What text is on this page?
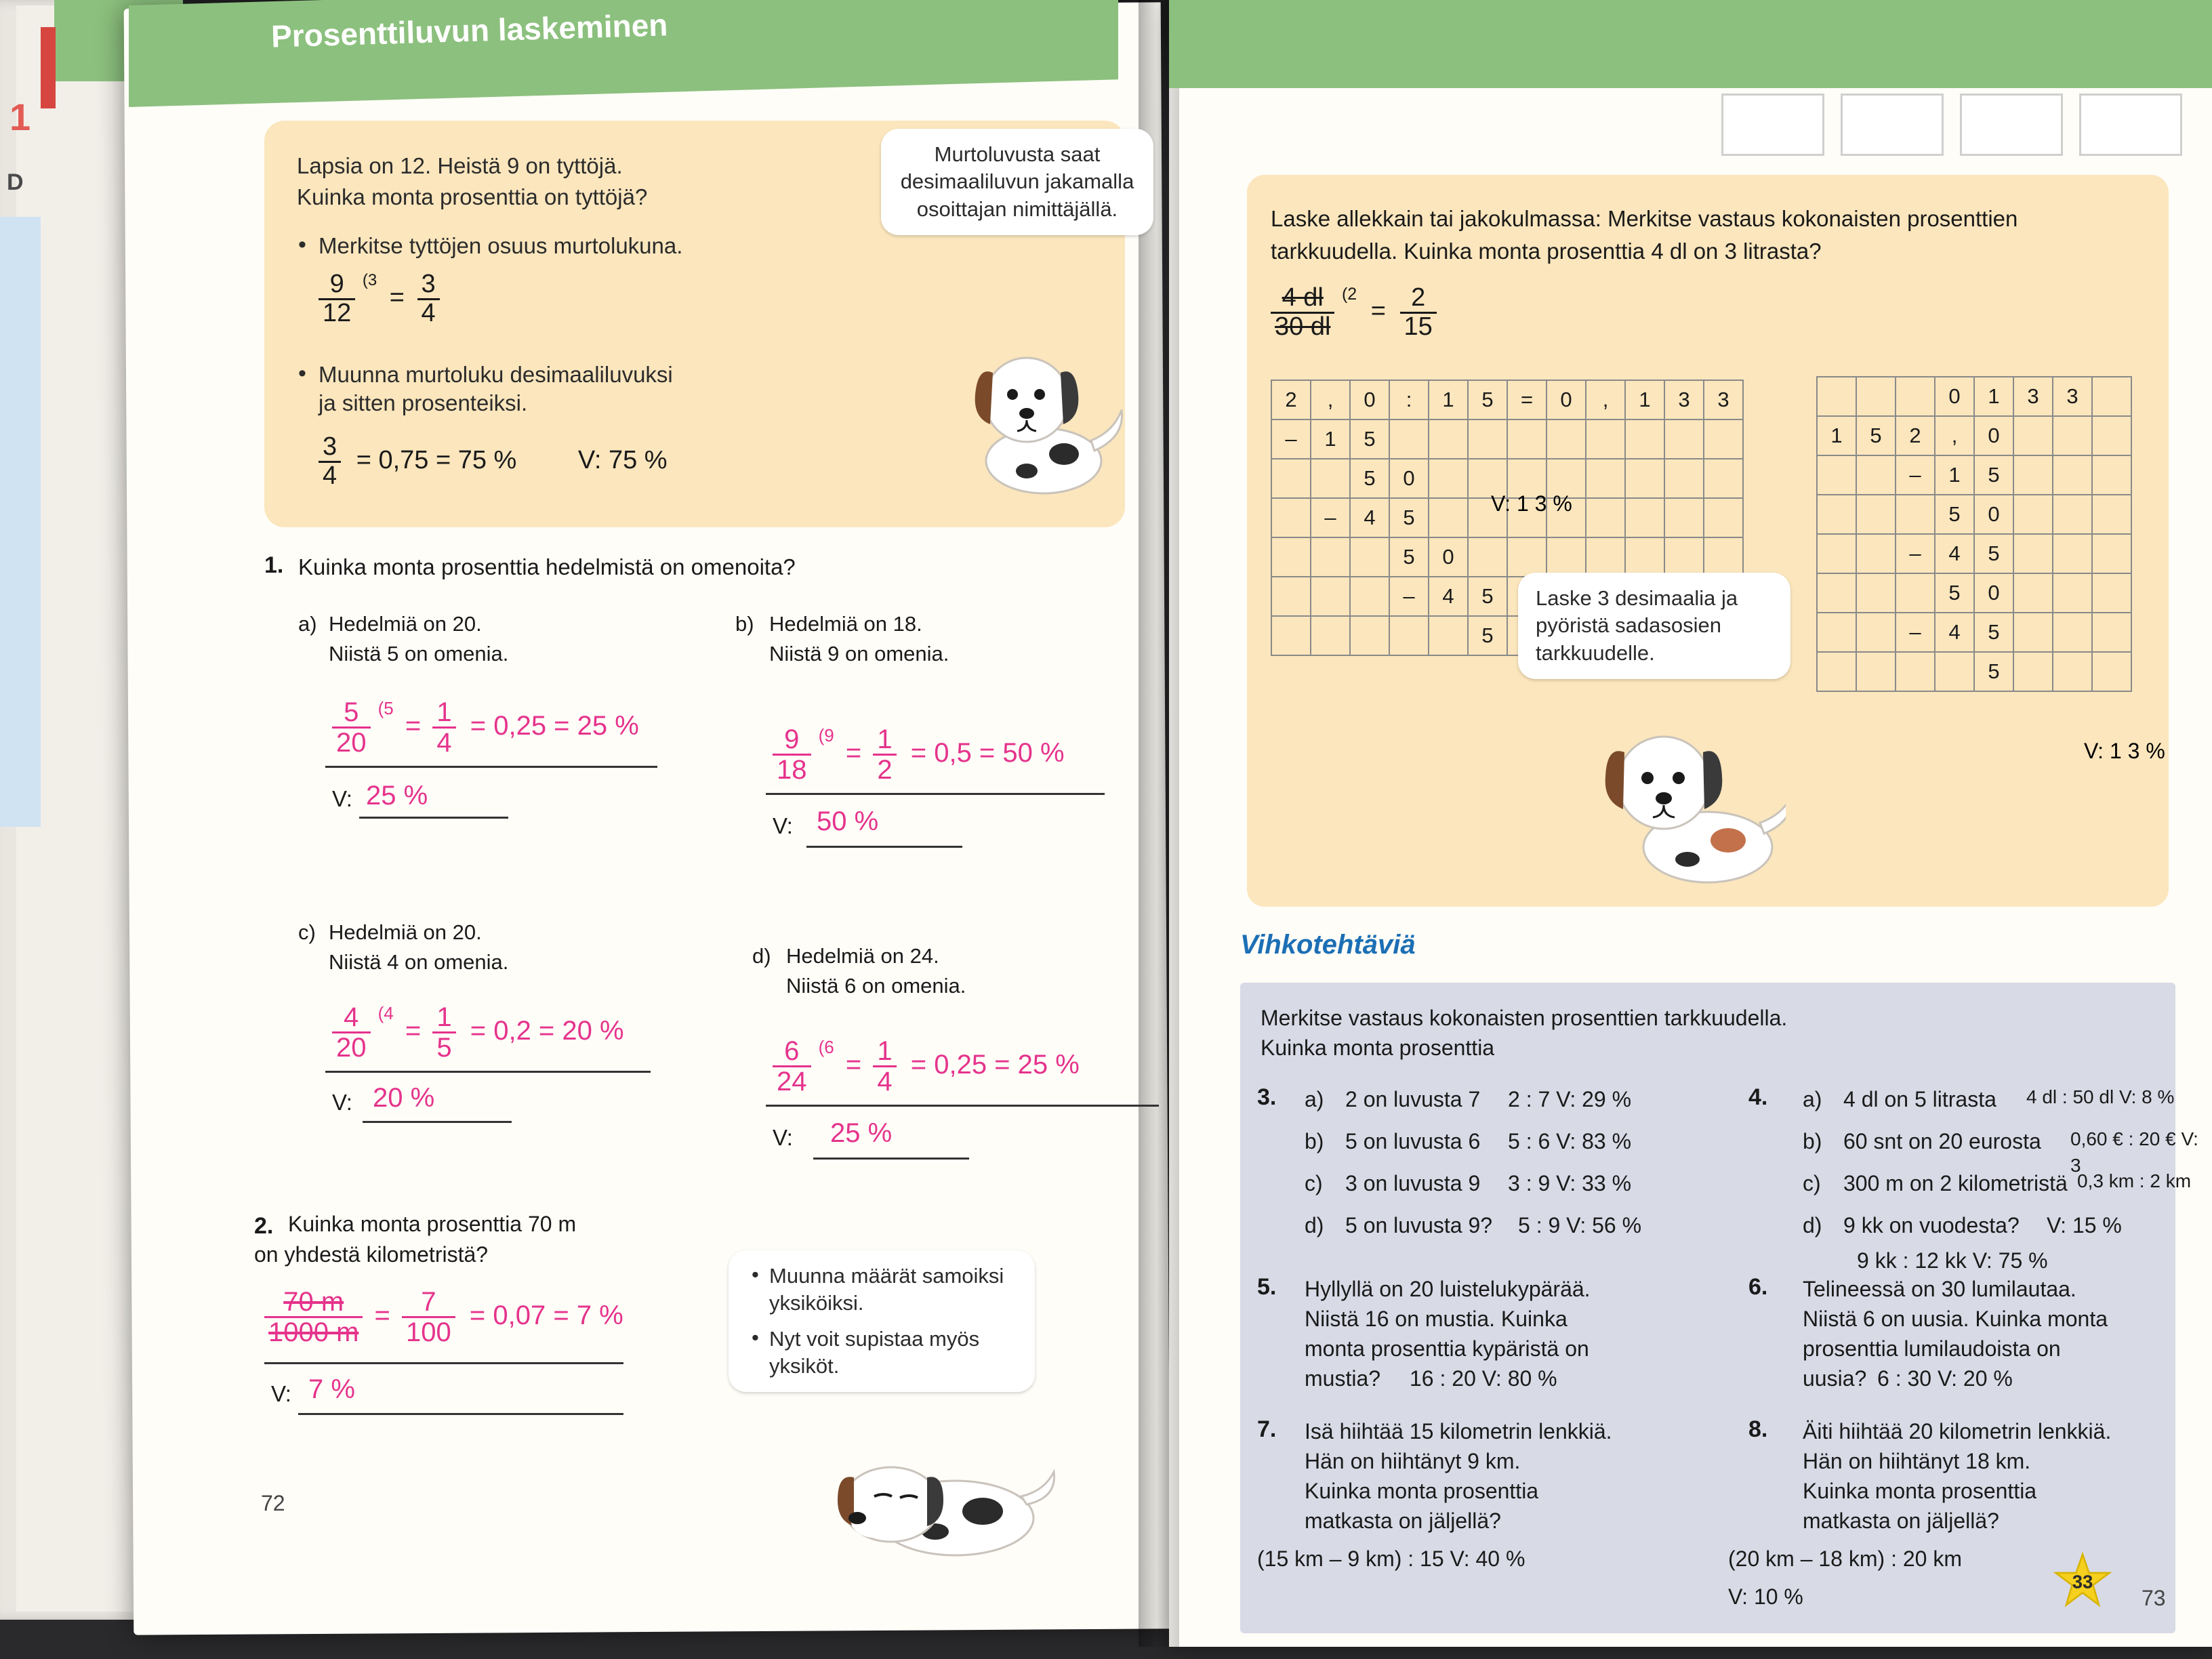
1
D
Prosenttiluvun laskeminen
Lapsia on 12. Heistä 9 on tyttöjä.
Kuinka monta prosenttia on tyttöjä?
• Merkitse tyttöjen osuus murtolukuna.
$\frac{9}{12} ^{(3} = \frac{3}{4}$
• Muunna murtoluku desimaaliluvuksi
ja sitten prosenteiksi.
$\frac{3}{4} = 0,75 = 75$ % V: 75 %
Murtoluvusta saat desimaaliluvun jakamalla osoittajan nimittäjällä.
1. Kuinka monta prosenttia hedelmistä on omenoita?
a) Hedelmiä on 20.
Niistä 5 on omenia.
$\frac{5}{20} ^{(5} = \frac{1}{4} = 0,25 = 25$ %
V: 25 %
b) Hedelmiä on 18.
Niistä 9 on omenia.
$\frac{9}{18} ^{(9} = \frac{1}{2} = 0,5 = 50$ %
V: 50 %
c) Hedelmiä on 20.
Niistä 4 on omenia.
$\frac{4}{20} ^{(4} = \frac{1}{5} = 0,2 = 20$ %
V: 20 %
d) Hedelmiä on 24.
Niistä 6 on omenia.
$\frac{6}{24} ^{(6} = \frac{1}{4} = 0,25 = 25$ %
V: 25 %
2. Kuinka monta prosenttia 70 m
on yhdestä kilometristä?
$\frac{70 m}{1000 m} = \frac{7}{100} = 0,07 = 7$ %
V: 7 %
• Muunna määrät samoiksi yksiköiksi.
• Nyt voit supistaa myös yksiköt.
72
Laske allekkain tai jakokulmassa: Merkitse vastaus kokonaisten prosenttien
tarkkuudella. Kuinka monta prosenttia 4 dl on 3 litrasta?
$\frac{4 dl}{30 dl} ^{(2} = \frac{2}{15}$
2	,	0	:	1	5	=	0	,	1	3	3
–	1	5									
		5	0								
	–	4	5								
			5	0							
			–	4	5						
					5						
V: 1 3 %
			0	1	3	3	
1	5	2	,	0			
		–	1	5			
			5	0			
		–	4	5			
			5	0			
		–	4	5			
				5			
V: 1 3 %
Laske 3 desimaalia ja pyöristä sadasosien tarkkuudelle.
Vihkotehtäviä
Merkitse vastaus kokonaisten prosenttien tarkkuudella.
Kuinka monta prosenttia
3. a) 2 on luvusta 7 2 : 7 V: 29 %
b) 5 on luvusta 6 5 : 6 V: 83 %
c) 3 on luvusta 9 3 : 9 V: 33 %
d) 5 on luvusta 9? 5 : 9 V: 56 %
4. a) 4 dl on 5 litrasta 4 dl : 50 dl V: 8 %
b) 60 snt on 20 eurosta 0,60 € : 20 € V: 3
c) 300 m on 2 kilometristä 0,3 km : 2 km
d) 9 kk on vuodesta? V: 15 %
9 kk : 12 kk V: 75 %
5. Hyllyllä on 20 luistelukypärää.
Niistä 16 on mustia. Kuinka
monta prosenttia kypäristä on
mustia? 16 : 20 V: 80 %
6. Telineessä on 30 lumilautaa.
Niistä 6 on uusia. Kuinka monta
prosenttia lumilaudoista on
uusia? 6 : 30 V: 20 %
7. Isä hiihtää 15 kilometrin lenkkiä.
Hän on hiihtänyt 9 km.
Kuinka monta prosenttia
matkasta on jäljellä?
(15 km – 9 km) : 15 V: 40 %
8. Äiti hiihtää 20 kilometrin lenkkiä.
Hän on hiihtänyt 18 km.
Kuinka monta prosenttia
matkasta on jäljellä?
(20 km – 18 km) : 20 km
V: 10 %
33
73
